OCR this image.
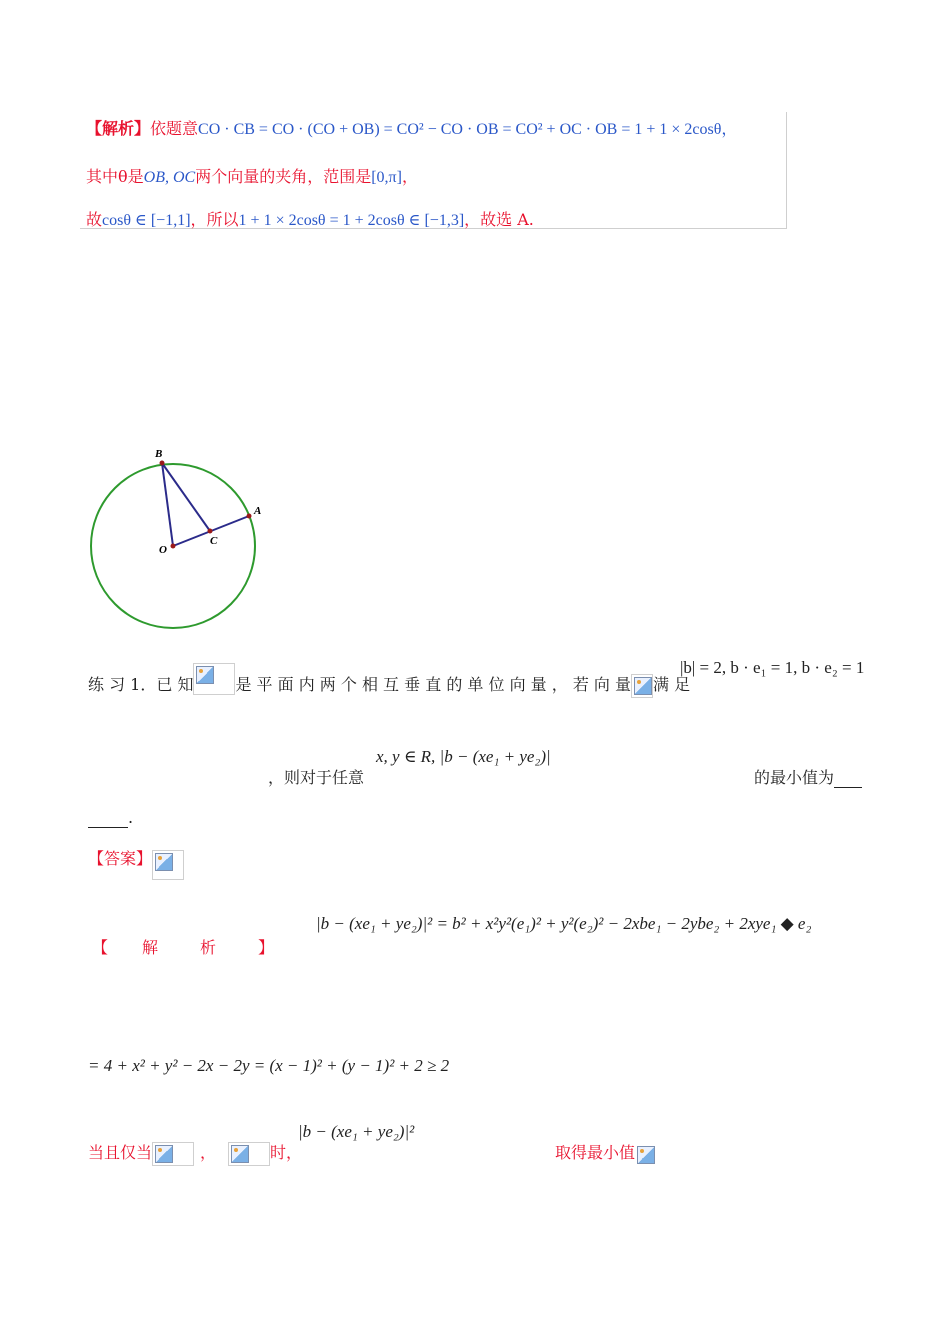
【解析】依题意CO · CB = CO · (CO + OB) = CO² − CO · OB = CO² + OC · OB = 1 + 1 × 2cosθ，
其中θ是OB, OC两个向量的夹角，范围是[0,π]，
故cosθ ∈ [−1,1]，所以1 + 1 × 2cosθ = 1 + 2cosθ ∈ [−1,3]，故选 A.
B
A
O
C
练 习 1．已 知	是 平 面 内 两 个 相 互 垂 直 的 单 位 向 量 ， 若 向 量 满 足
|b| = 2, b · e₁ = 1, b · e₂ = 1
，则对于任意
x, y ∈ R, |b − (xe₁ + ye₂)|
的最小值为
.
【答案】
【 解	析	】
|b − (xe₁ + ye₂)|² = b² + x²y²(e₁)² + y²(e₂)² − 2xbe₁ − 2ybe₂ + 2xye₁ ◆ e₂
= 4 + x² + y² − 2x − 2y = (x − 1)² + (y − 1)² + 2 ≥ 2
当且仅当	，	时，
|b − (xe₁ + ye₂)|²
取得最小值
